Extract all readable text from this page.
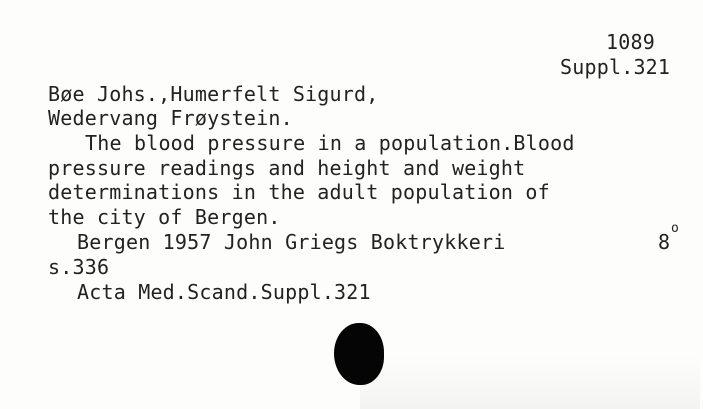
1089
Suppl.321
Bøe Johs.,Humerfelt Sigurd,
Wedervang Frøystein.
The blood pressure in a population.Blood
pressure readings and height and weight
determinations in the adult population of
the city of Bergen.
Bergen 1957 John Griegs Boktrykkeri	8
o
s.336
Acta Med.Scand.Suppl.321
